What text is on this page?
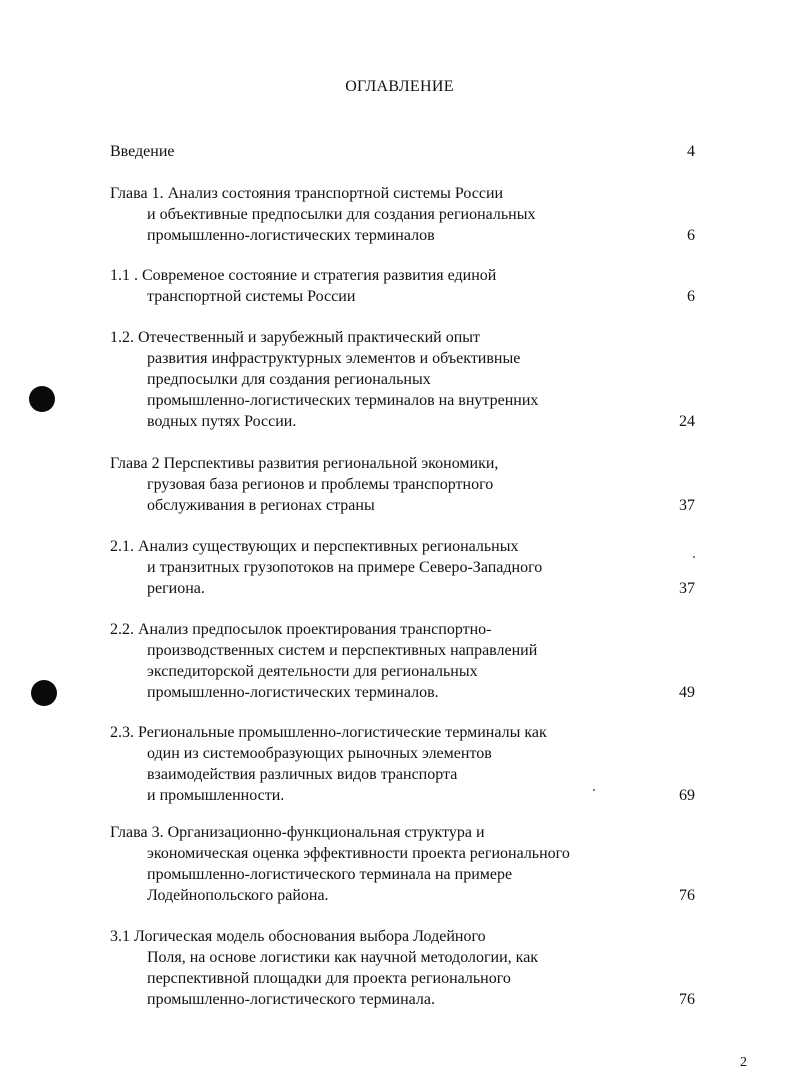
ОГЛАВЛЕНИЕ
Введение	4
Глава 1. Анализ состояния транспортной системы России
и объективные предпосылки для создания региональных
промышленно-логистических терминалов	6
1.1 . Современое состояние и стратегия развития единой
транспортной системы России	6
1.2. Отечественный и зарубежный практический опыт
развития инфраструктурных элементов и объективные
предпосылки для создания региональных
промышленно-логистических терминалов на внутренних
водных путях России.	24
Глава 2 Перспективы развития региональной экономики,
грузовая база регионов и проблемы транспортного
обслуживания в регионах страны	37
2.1. Анализ существующих и перспективных региональных
и транзитных грузопотоков на примере Северо-Западного
региона.	37
2.2. Анализ предпосылок проектирования транспортно-
производственных систем и перспективных направлений
экспедиторской деятельности для региональных
промышленно-логистических терминалов.	49
2.3. Региональные промышленно-логистические терминалы как
один из системообразующих рыночных элементов
взаимодействия различных видов транспорта
и промышленности.	69
Глава 3. Организационно-функциональная структура и
экономическая оценка эффективности проекта регионального
промышленно-логистического терминала на примере
Лодейнопольского района.	76
3.1 Логическая модель обоснования выбора Лодейного
Поля, на основе логистики как научной методологии, как
перспективной площадки для проекта регионального
промышленно-логистического терминала.	76
2
